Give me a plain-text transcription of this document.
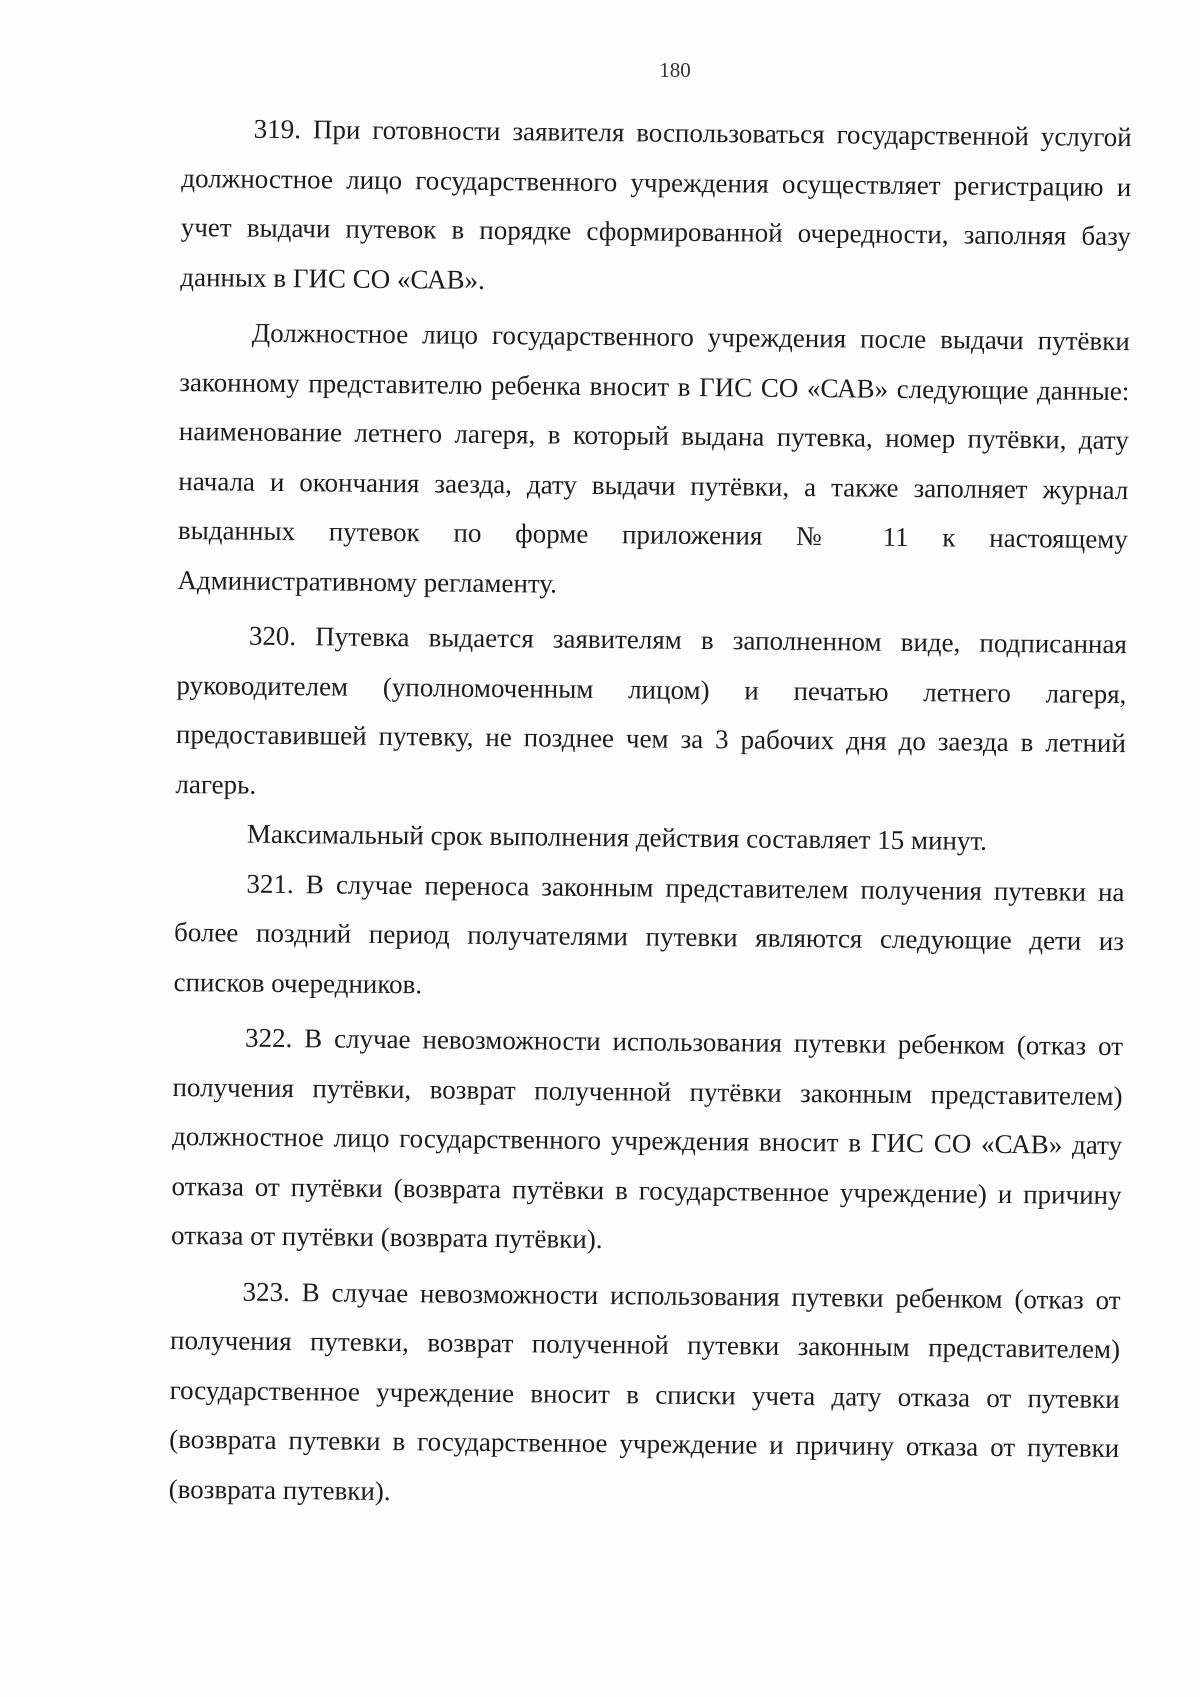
180

319. При готовности заявителя воспользоваться государственной услугой должностное лицо государственного учреждения осуществляет регистрацию и учет выдачи путевок в порядке сформированной очередности, заполняя базу данных в ГИС СО «САВ».

Должностное лицо государственного учреждения после выдачи путёвки законному представителю ребенка вносит в ГИС СО «САВ» следующие данные: наименование летнего лагеря, в который выдана путевка, номер путёвки, дату начала и окончания заезда, дату выдачи путёвки, а также заполняет журнал выданных путевок по форме приложения № 11 к настоящему Административному регламенту.

320. Путевка выдается заявителям в заполненном виде, подписанная руководителем (уполномоченным лицом) и печатью летнего лагеря, предоставившей путевку, не позднее чем за 3 рабочих дня до заезда в летний лагерь.

Максимальный срок выполнения действия составляет 15 минут.

321. В случае переноса законным представителем получения путевки на более поздний период получателями путевки являются следующие дети из списков очередников.

322. В случае невозможности использования путевки ребенком (отказ от получения путёвки, возврат полученной путёвки законным представителем) должностное лицо государственного учреждения вносит в ГИС СО «САВ» дату отказа от путёвки (возврата путёвки в государственное учреждение) и причину отказа от путёвки (возврата путёвки).

323. В случае невозможности использования путевки ребенком (отказ от получения путевки, возврат полученной путевки законным представителем) государственное учреждение вносит в списки учета дату отказа от путевки (возврата путевки в государственное учреждение и причину отказа от путевки (возврата путевки).
